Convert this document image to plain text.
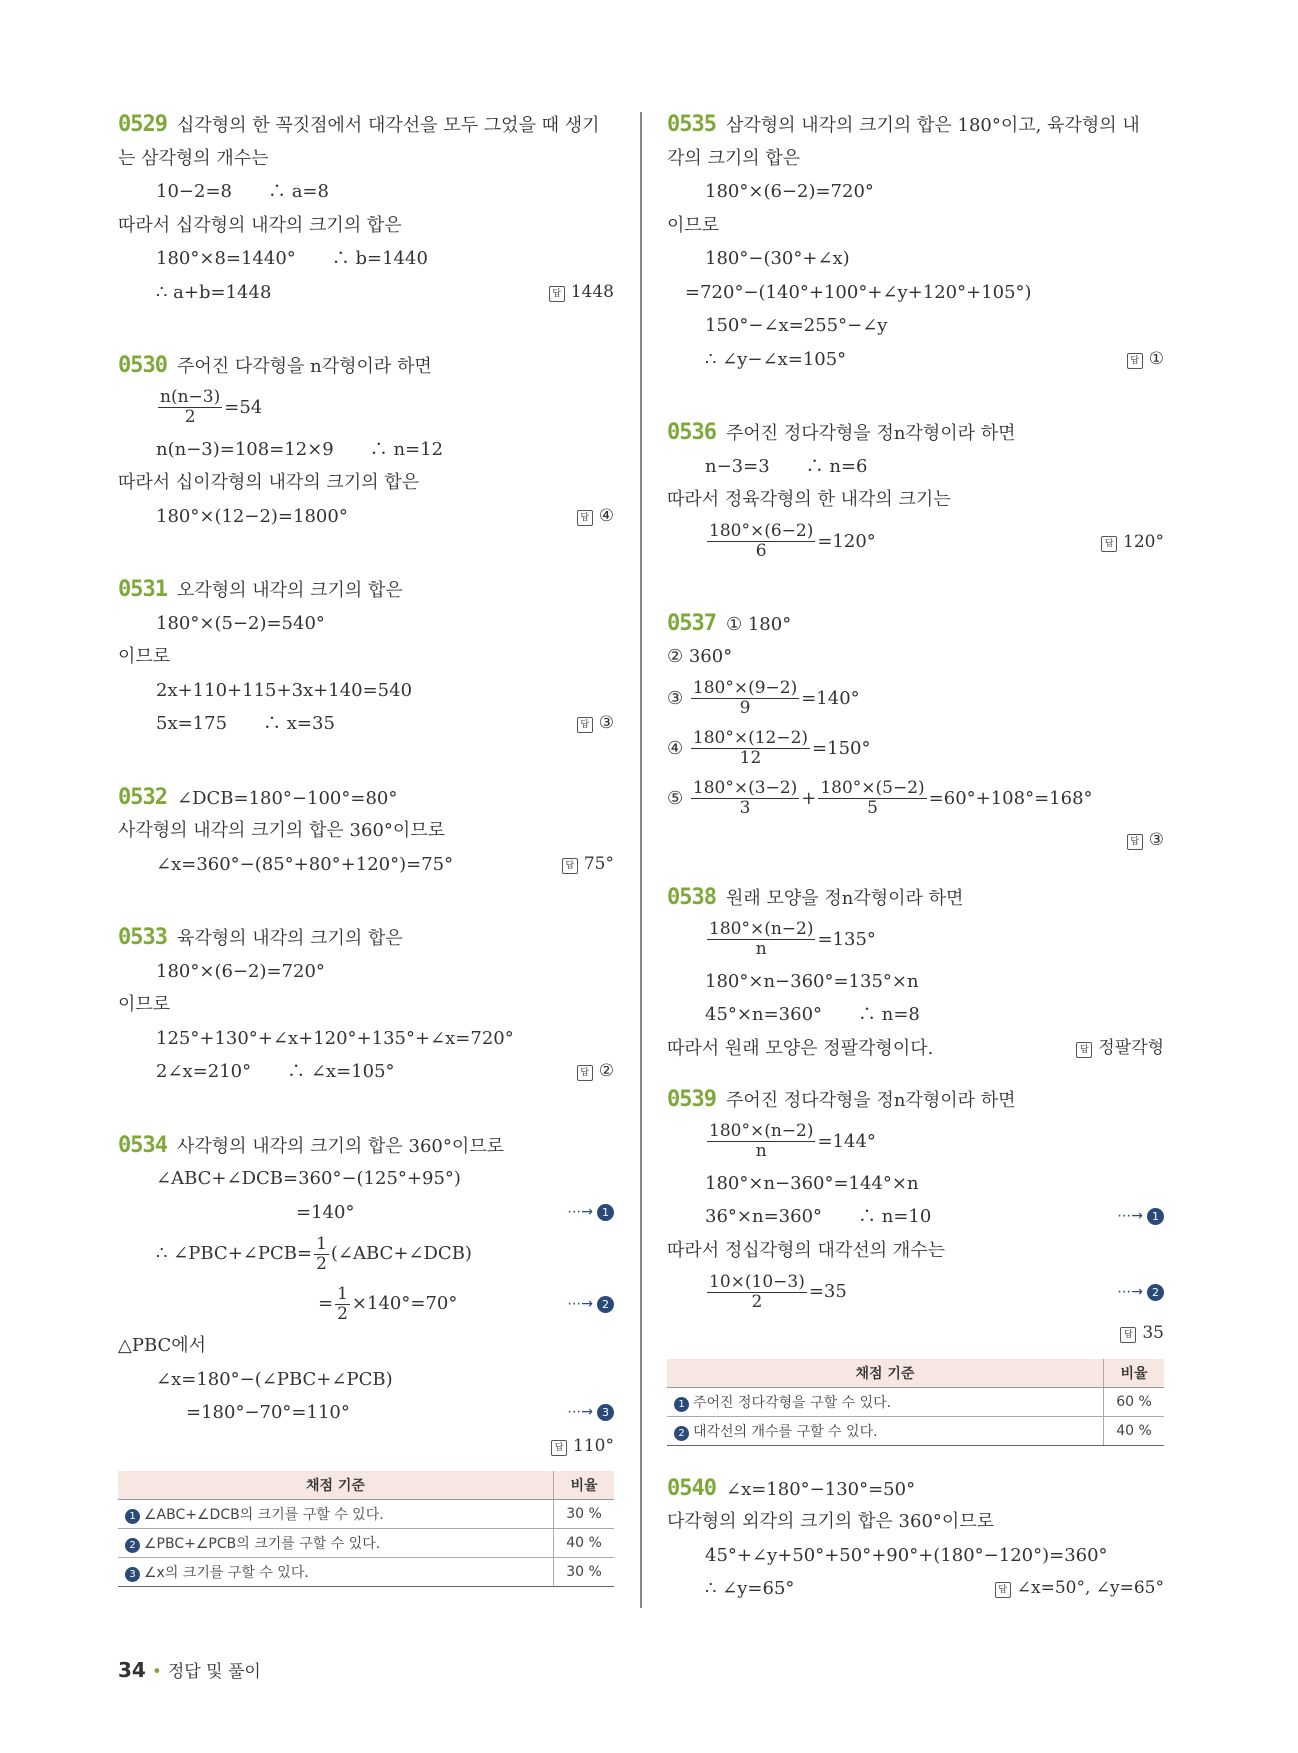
0529 십각형의 한 꼭짓점에서 대각선을 모두 그었을 때 생기
는 삼각형의 개수는
10−2=8　　∴ a=8
따라서 십각형의 내각의 크기의 합은
180°×8=1440°　　∴ b=1440
∴ a+b=1448	답 1448
0530 주어진 다각형을 n각형이라 하면
$\frac{n(n-3)}{2} =54$
n(n−3)=108=12×9　　∴ n=12
따라서 십이각형의 내각의 크기의 합은
180°×(12−2)=1800°	답 ④
0531 오각형의 내각의 크기의 합은
180°×(5−2)=540°
이므로
2x+110+115+3x+140=540
5x=175　　∴ x=35	답 ③
0532 ∠DCB=180°−100°=80°
사각형의 내각의 크기의 합은 360°이므로
∠x=360°−(85°+80°+120°)=75°	답 75°
0533 육각형의 내각의 크기의 합은
180°×(6−2)=720°
이므로
125°+130°+∠x+120°+135°+∠x=720°
2∠x=210°　　∴ ∠x=105°	답 ②
0534 사각형의 내각의 크기의 합은 360°이므로
∠ABC+∠DCB=360°−(125°+95°)
=140°	⋯→ 1
∴ ∠PBC+∠PCB= $\frac{1}{2}$ (∠ABC+∠DCB)
= $\frac{1}{2} \times 140^\circ=70^\circ$	⋯→ 2
△PBC에서
∠x=180°−(∠PBC+∠PCB)
=180°−70°=110°	⋯→ 3
답 110°
채점 기준	비율
1 ∠ABC+∠DCB의 크기를 구할 수 있다.	30 %
2 ∠PBC+∠PCB의 크기를 구할 수 있다.	40 %
3 ∠x의 크기를 구할 수 있다.	30 %
0535 삼각형의 내각의 크기의 합은 180°이고, 육각형의 내
각의 크기의 합은
180°×(6−2)=720°
이므로
180°−(30°+∠x)
=720°−(140°+100°+∠y+120°+105°)
150°−∠x=255°−∠y
∴ ∠y−∠x=105°	답 ①
0536 주어진 정다각형을 정n각형이라 하면
n−3=3　　∴ n=6
따라서 정육각형의 한 내각의 크기는
$\frac{180^\circ\times(6-2)}{6} =120^\circ$	답 120°
0537 ① 180°
② 360°
③ $\frac{180^\circ\times(9-2)}{9} =140^\circ$
④ $\frac{180^\circ\times(12-2)}{12} =150^\circ$
⑤ $\frac{180^\circ\times(3-2)}{3} + \frac{180^\circ\times(5-2)}{5} =60^\circ+108^\circ=168^\circ$
답 ③
0538 원래 모양을 정n각형이라 하면
$\frac{180^\circ\times(n-2)}{n} =135^\circ$
180°×n−360°=135°×n
45°×n=360°　　∴ n=8
따라서 원래 모양은 정팔각형이다.	답 정팔각형
0539 주어진 정다각형을 정n각형이라 하면
$\frac{180^\circ\times(n-2)}{n} =144^\circ$
180°×n−360°=144°×n
36°×n=360°　　∴ n=10	⋯→ 1
따라서 정십각형의 대각선의 개수는
$\frac{10\times(10-3)}{2} =35$	⋯→ 2
답 35
채점 기준	비율
1 주어진 정다각형을 구할 수 있다.	60 %
2 대각선의 개수를 구할 수 있다.	40 %
0540 ∠x=180°−130°=50°
다각형의 외각의 크기의 합은 360°이므로
45°+∠y+50°+50°+90°+(180°−120°)=360°
∴ ∠y=65°	답 ∠x=50°, ∠y=65°
34 • 정답 및 풀이
